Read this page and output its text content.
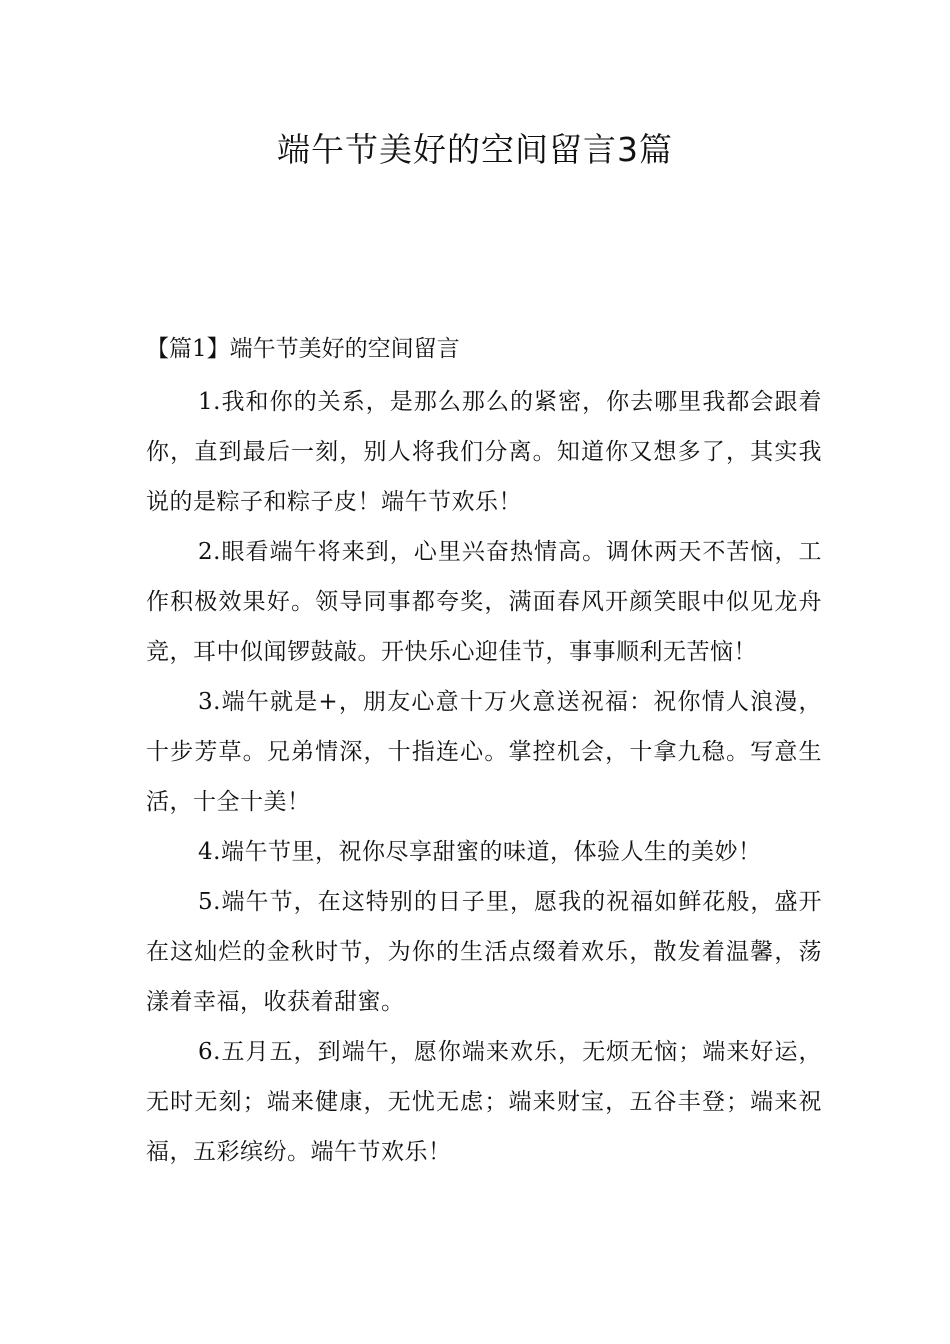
端午节美好的空间留言3篇
【篇1】端午节美好的空间留言

1.我和你的关系，是那么那么的紧密，你去哪里我都会跟着你，直到最后一刻，别人将我们分离。知道你又想多了，其实我说的是粽子和粽子皮！端午节欢乐！

2.眼看端午将来到，心里兴奋热情高。调休两天不苦恼，工作积极效果好。领导同事都夸奖，满面春风开颜笑眼中似见龙舟竞，耳中似闻锣鼓敲。开快乐心迎佳节，事事顺利无苦恼！

3.端午就是+，朋友心意十万火意送祝福：祝你情人浪漫，十步芳草。兄弟情深，十指连心。掌控机会，十拿九稳。写意生活，十全十美！

4.端午节里，祝你尽享甜蜜的味道，体验人生的美妙！

5.端午节，在这特别的日子里，愿我的祝福如鲜花般，盛开在这灿烂的金秋时节，为你的生活点缀着欢乐，散发着温馨，荡漾着幸福，收获着甜蜜。

6.五月五，到端午，愿你端来欢乐，无烦无恼；端来好运，无时无刻；端来健康，无忧无虑；端来财宝，五谷丰登；端来祝福，五彩缤纷。端午节欢乐！
